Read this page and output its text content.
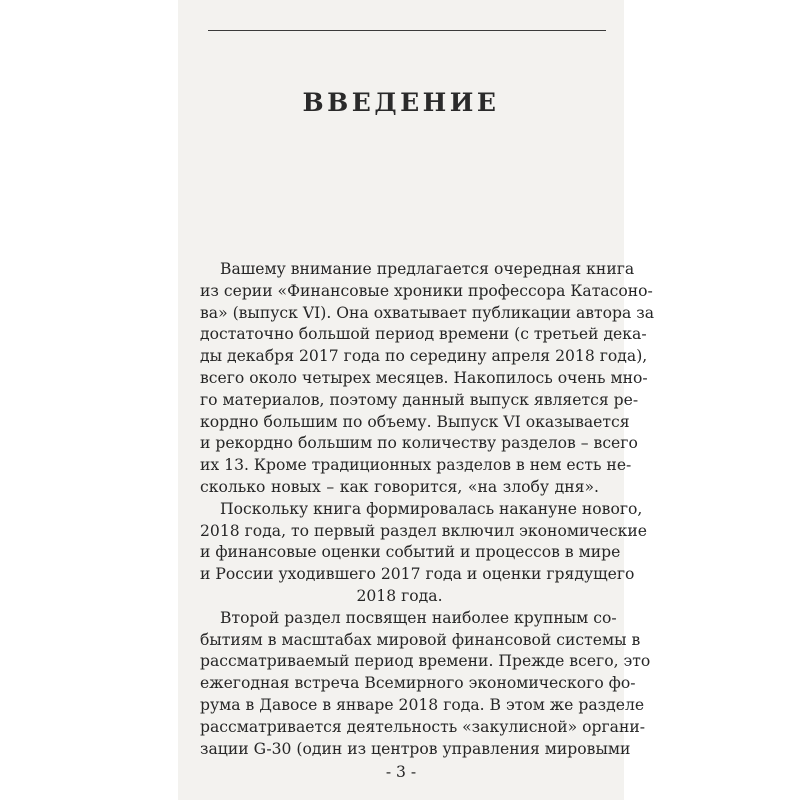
ВВЕДЕНИЕ
Вашему внимание предлагается очередная книга
из серии «Финансовые хроники профессора Катасоно-
ва» (выпуск VI). Она охватывает публикации автора за
достаточно большой период времени (с третьей дека-
ды декабря 2017 года по середину апреля 2018 года),
всего около четырех месяцев. Накопилось очень мно-
го материалов, поэтому данный выпуск является ре-
кордно большим по объему. Выпуск VI оказывается
и рекордно большим по количеству разделов – всего
их 13. Кроме традиционных разделов в нем есть не-
сколько новых – как говорится, «на злобу дня».
Поскольку книга формировалась накануне нового,
2018 года, то первый раздел включил экономические
и финансовые оценки событий и процессов в мире
и России уходившего 2017 года и оценки грядущего
2018 года.
Второй раздел посвящен наиболее крупным со-
бытиям в масштабах мировой финансовой системы в
рассматриваемый период времени. Прежде всего, это
ежегодная встреча Всемирного экономического фо-
рума в Давосе в январе 2018 года. В этом же разделе
рассматривается деятельность «закулисной» органи-
зации G-30 (один из центров управления мировыми
- 3 -
